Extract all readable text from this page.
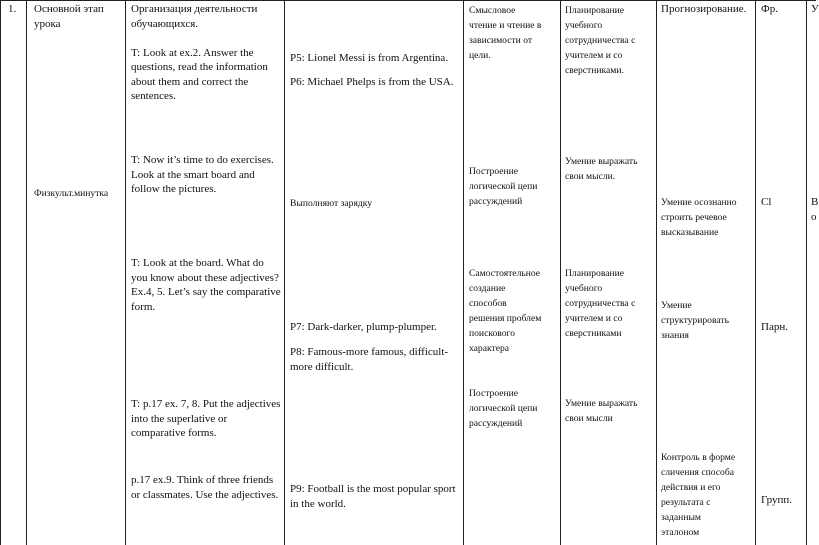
1. Основной этап
урока
Организация деятельности
обучающихся.

T: Look at ex.2. Answer the
questions, read the information
about them and correct the
sentences.
P5: Lionel Messi is from Argentina.
P6: Michael Phelps is from the USA.
Смысловое
чтение и чтение в
зависимости от
цели.
Планирование
учебного
сотрудничества с
учителем и со
сверстниками.
Прогнозирование. Фр.	У
Физкульт.минутка
T: Now it’s time to do exercises.
Look at the smart board and
follow the pictures.
Выполняют зарядку
Построение
логической цепи
рассуждений
Умение выражать
свои мысли.
Умение осознанно
строить речевое
высказывание
Cl	В
о
T: Look at the board. What do
you know about these adjectives?
Ex.4, 5. Let’s say the comparative
form.
P7: Dark-darker, plump-plumper.
P8: Famous-more famous, difficult-
more difficult.
Самостоятельное
создание
способов
решения проблем
поискового
характера
Планирование
учебного
сотрудничества с
учителем и со
сверстниками
Умение
структурировать
знания
Парн.
T: p.17 ex. 7, 8. Put the adjectives
into the superlative or
comparative forms.
Построение
логической цепи
рассуждений
Умение выражать
свои мысли
p.17 ex.9. Think of three friends
or classmates. Use the adjectives. P9: Football is the most popular sport
in the world.
Контроль в форме
сличения способа
действия и его
результата с
заданным
эталоном
Групп.
